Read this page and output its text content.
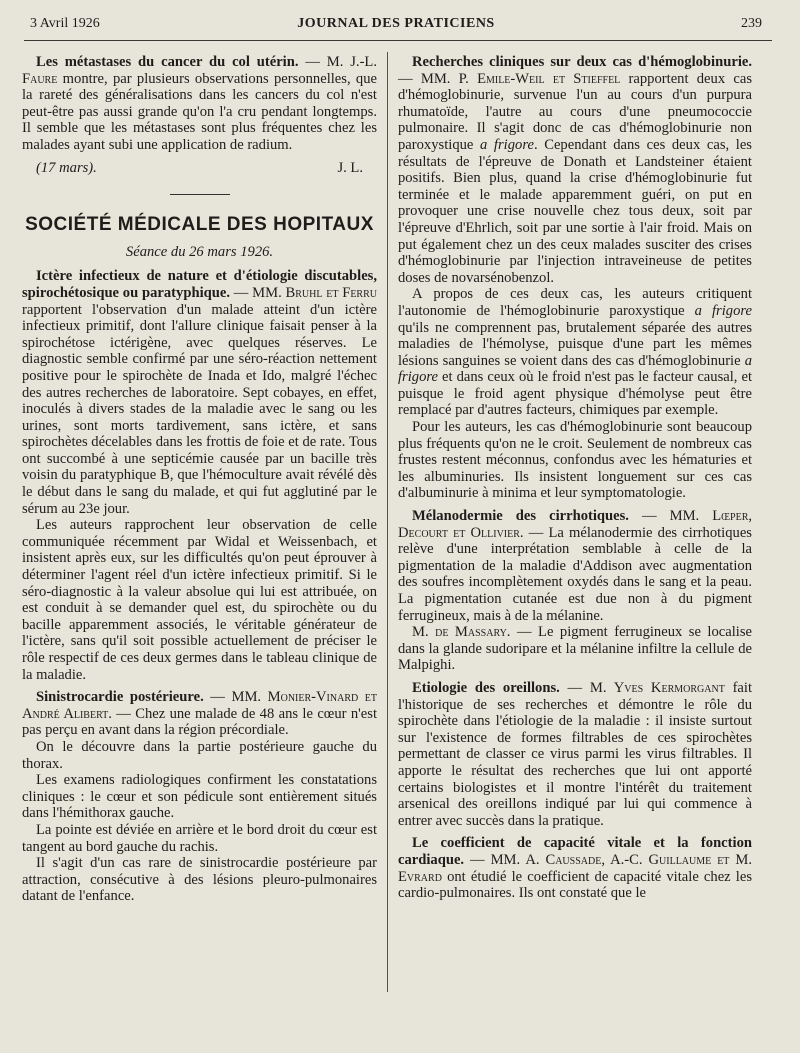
3 Avril 1926	JOURNAL DES PRATICIENS	239

Les métastases du cancer du col utérin. — M. J.-L. Faure montre, par plusieurs observations personnelles, que la rareté des généralisations dans les cancers du col n'est peut-être pas aussi grande qu'on l'a cru pendant longtemps. Il semble que les métastases sont plus fréquentes chez les malades ayant subi une application de radium.

(17 mars).	J. L.

SOCIÉTÉ MÉDICALE DES HOPITAUX
Séance du 26 mars 1926.

Ictère infectieux de nature et d'étiologie discutables, spirochétosique ou paratyphique. — MM. Bruhl et Ferru rapportent l'observation d'un malade atteint d'un ictère infectieux primitif, dont l'allure clinique faisait penser à la spirochétose ictérigène, avec quelques réserves. Le diagnostic semble confirmé par une séro-réaction nettement positive pour le spirochète de Inada et Ido, malgré l'échec des autres recherches de laboratoire. Sept cobayes, en effet, inoculés à divers stades de la maladie avec le sang ou les urines, sont morts tardivement, sans ictère, et sans spirochètes décelables dans les frottis de foie et de rate. Tous ont succombé à une septicémie causée par un bacille très voisin du paratyphique B, que l'hémoculture avait révélé dès le début dans le sang du malade, et qui fut agglutiné par le sérum au 23e jour.

Les auteurs rapprochent leur observation de celle communiquée récemment par Widal et Weissenbach, et insistent après eux, sur les difficultés qu'on peut éprouver à déterminer l'agent réel d'un ictère infectieux primitif. Si le séro-diagnostic à la valeur absolue qui lui est attribuée, on est conduit à se demander quel est, du spirochète ou du bacille apparemment associés, le véritable générateur de l'ictère, sans qu'il soit possible actuellement de préciser le rôle respectif de ces deux germes dans le tableau clinique de la maladie.

Sinistrocardie postérieure. — MM. Monier-Vinard et André Alibert. — Chez une malade de 48 ans le cœur n'est pas perçu en avant dans la région précordiale.

On le découvre dans la partie postérieure gauche du thorax.

Les examens radiologiques confirment les constatations cliniques : le cœur et son pédicule sont entièrement situés dans l'hémithorax gauche.

La pointe est déviée en arrière et le bord droit du cœur est tangent au bord gauche du rachis.

Il s'agit d'un cas rare de sinistrocardie postérieure par attraction, consécutive à des lésions pleuro-pulmonaires datant de l'enfance.

Recherches cliniques sur deux cas d'hémoglobinurie. — MM. P. Emile-Weil et Stieffel rapportent deux cas d'hémoglobinurie, survenue l'un au cours d'un purpura rhumatoïde, l'autre au cours d'une pneumococcie pulmonaire. Il s'agit donc de cas d'hémoglobinurie non paroxystique a frigore. Cependant dans ces deux cas, les résultats de l'épreuve de Donath et Landsteiner étaient positifs. Bien plus, quand la crise d'hémoglobinurie fut terminée et le malade apparemment guéri, on put en provoquer une crise nouvelle chez tous deux, soit par l'épreuve d'Ehrlich, soit par une sortie à l'air froid. Mais on put également chez un des ceux malades susciter des crises d'hémoglobinurie par l'injection intraveineuse de petites doses de novarsénobenzol.

A propos de ces deux cas, les auteurs critiquent l'autonomie de l'hémoglobinurie paroxystique a frigore qu'ils ne comprennent pas, brutalement séparée des autres maladies de l'hémolyse, puisque d'une part les mêmes lésions sanguines se voient dans des cas d'hémoglobinurie a frigore et dans ceux où le froid n'est pas le facteur causal, et puisque le froid agent physique d'hémolyse peut être remplacé par d'autres facteurs, chimiques par exemple.

Pour les auteurs, les cas d'hémoglobinurie sont beaucoup plus fréquents qu'on ne le croit. Seulement de nombreux cas frustes restent méconnus, confondus avec les hématuries et les albuminuries. Ils insistent longuement sur ces cas d'albuminurie à minima et leur symptomatologie.

Mélanodermie des cirrhotiques. — MM. Lœper, Decourt et Ollivier. — La mélanodermie des cirrhotiques relève d'une interprétation semblable à celle de la pigmentation de la maladie d'Addison avec augmentation des soufres incomplètement oxydés dans le sang et la peau. La pigmentation cutanée est due non à du pigment ferrugineux, mais à de la mélanine.

M. de Massary. — Le pigment ferrugineux se localise dans la glande sudoripare et la mélanine infiltre la cellule de Malpighi.

Etiologie des oreillons. — M. Yves Kermorgant fait l'historique de ses recherches et démontre le rôle du spirochète dans l'étiologie de la maladie : il insiste surtout sur l'existence de formes filtrables de ces spirochètes permettant de classer ce virus parmi les virus filtrables. Il apporte le résultat des recherches que lui ont apporté certains biologistes et il montre l'intérêt du traitement arsenical des oreillons indiqué par lui qui commence à entrer avec succès dans la pratique.

Le coefficient de capacité vitale et la fonction cardiaque. — MM. A. Caussade, A.-C. Guillaume et M. Evrard ont étudié le coefficient de capacité vitale chez les cardio-pulmonaires. Ils ont constaté que le
